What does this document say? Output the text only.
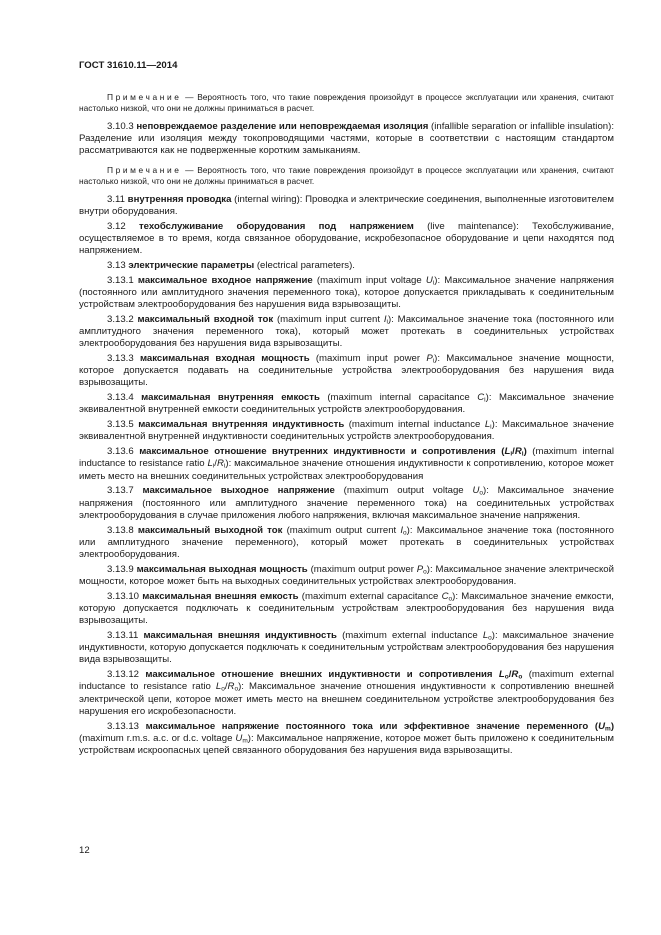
ГОСТ 31610.11—2014

Примечание — Вероятность того, что такие повреждения произойдут в процессе эксплуатации или хранения, считают настолько низкой, что они не должны приниматься в расчет.

3.10.3 неповреждаемое разделение или неповреждаемая изоляция (infallible separation or infallible insulation): Разделение или изоляция между токопроводящими частями, которые в соответствии с настоящим стандартом рассматриваются как не подверженные коротким замыканиям.

Примечание — Вероятность того, что такие повреждения произойдут в процессе эксплуатации или хранения, считают настолько низкой, что они не должны приниматься в расчет.

3.11 внутренняя проводка (internal wiring): Проводка и электрические соединения, выполненные изготовителем внутри оборудования.

3.12 техобслуживание оборудования под напряжением (live maintenance): Техобслуживание, осуществляемое в то время, когда связанное оборудование, искробезопасное оборудование и цепи находятся под напряжением.

3.13 электрические параметры (electrical parameters).

3.13.1 максимальное входное напряжение (maximum input voltage $U_i$): Максимальное значение напряжения (постоянного или амплитудного значения переменного тока), которое допускается прикладывать к соединительным устройствам электрооборудования без нарушения вида взрывозащиты.

3.13.2 максимальный входной ток (maximum input current $I_i$): Максимальное значение тока (постоянного или амплитудного значения переменного тока), который может протекать в соединительных устройствах электрооборудования без нарушения вида взрывозащиты.

3.13.3 максимальная входная мощность (maximum input power $P_i$): Максимальное значение мощности, которое допускается подавать на соединительные устройства электрооборудования без нарушения вида взрывозащиты.

3.13.4 максимальная внутренняя емкость (maximum internal capacitance $C_i$): Максимальное значение эквивалентной внутренней емкости соединительных устройств электрооборудования.

3.13.5 максимальная внутренняя индуктивность (maximum internal inductance $L_i$): Максимальное значение эквивалентной внутренней индуктивности соединительных устройств электрооборудования.

3.13.6 максимальное отношение внутренних индуктивности и сопротивления $(L_i/R_i)$ (maximum internal inductance to resistance ratio $L_i/R_i$): максимальное значение отношения индуктивности к сопротивлению, которое может иметь место на внешних соединительных устройствах электрооборудования

3.13.7 максимальное выходное напряжение (maximum output voltage $U_o$): Максимальное значение напряжения (постоянного или амплитудного значение переменного тока) на соединительных устройствах электрооборудования в случае приложения любого напряжения, включая максимальное значение напряжения.

3.13.8 максимальный выходной ток (maximum output current $I_o$): Максимальное значение тока (постоянного или амплитудного значение переменного), который может протекать в соединительных устройствах электрооборудования.

3.13.9 максимальная выходная мощность (maximum output power $P_o$): Максимальное значение электрической мощности, которое может быть на выходных соединительных устройствах электрооборудования.

3.13.10 максимальная внешняя емкость (maximum external capacitance $C_o$): Максимальное значение емкости, которую допускается подключать к соединительным устройствам электрооборудования без нарушения вида взрывозащиты.

3.13.11 максимальная внешняя индуктивность (maximum external inductance $L_o$): максимальное значение индуктивности, которую допускается подключать к соединительным устройствам электрооборудования без нарушения вида взрывозащиты.

3.13.12 максимальное отношение внешних индуктивности и сопротивления $L_o/R_o$ (maximum external inductance to resistance ratio $L_o/R_o$): Максимальное значение отношения индуктивности к сопротивлению внешней электрической цепи, которое может иметь место на внешнем соединительном устройстве электрооборудования без нарушения его искробезопасности.

3.13.13 максимальное напряжение постоянного тока или эффективное значение переменного $(U_m)$ (maximum r.m.s. a.c. or d.c. voltage $U_m$): Максимальное напряжение, которое может быть приложено к соединительным устройствам искроопасных цепей связанного оборудования без нарушения вида взрывозащиты.

12
